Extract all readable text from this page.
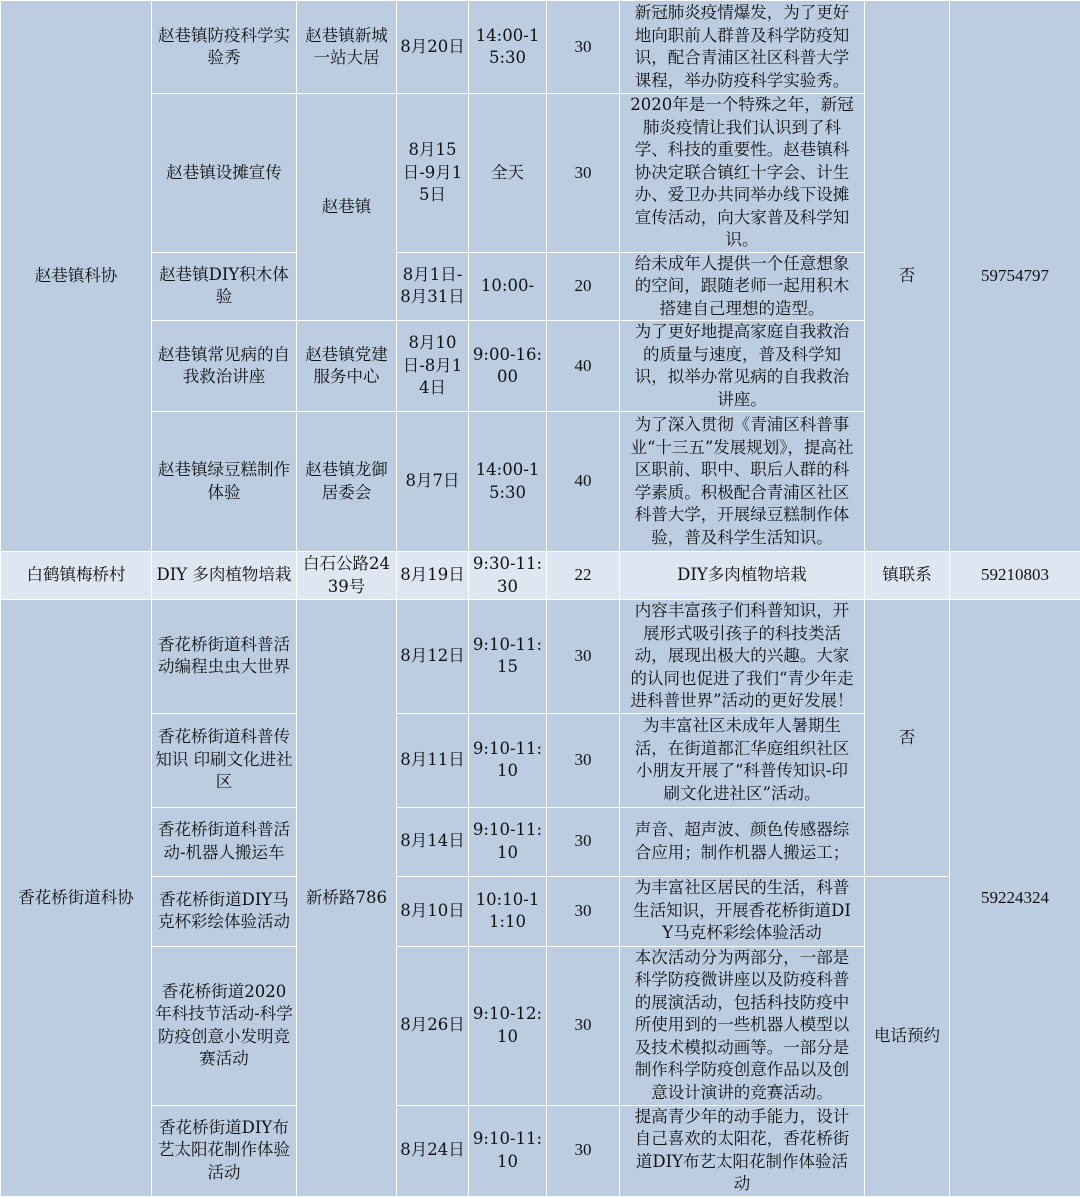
赵巷镇科协	赵巷镇防疫科学实验秀	赵巷镇新城一站大居	8月20日	14:00-15:30	30	新冠肺炎疫情爆发，为了更好地向职前人群普及科学防疫知识，配合青浦区社区科普大学课程，举办防疫科学实验秀。	否	59754797
	赵巷镇设摊宣传	赵巷镇	8月15日-9月15日	全天	30	2020年是一个特殊之年，新冠肺炎疫情让我们认识到了科学、科技的重要性。赵巷镇科协决定联合镇红十字会、计生办、爱卫办共同举办线下设摊宣传活动，向大家普及科学知识。		
	赵巷镇DIY积木体验		8月1日-8月31日	10:00-	20	给未成年人提供一个任意想象的空间，跟随老师一起用积木搭建自己理想的造型。		
	赵巷镇常见病的自我救治讲座	赵巷镇党建服务中心	8月10日-8月14日	9:00-16:00	40	为了更好地提高家庭自我救治的质量与速度，普及科学知识，拟举办常见病的自我救治讲座。		
	赵巷镇绿豆糕制作体验	赵巷镇龙御居委会	8月7日	14:00-15:30	40	为了深入贯彻《青浦区科普事业“十三五”发展规划》，提高社区职前、职中、职后人群的科学素质。积极配合青浦区社区科普大学，开展绿豆糕制作体验，普及科学生活知识。		
白鹤镇梅桥村	DIY 多肉植物培栽	白石公路2439号	8月19日	9:30-11:30	22	DIY多肉植物培栽	镇联系	59210803
香花桥街道科协	香花桥街道科普活动编程虫虫大世界	新桥路786	8月12日	9:10-11:15	30	内容丰富孩子们科普知识，开展形式吸引孩子的科技类活动，展现出极大的兴趣。大家的认同也促进了我们“青少年走进科普世界”活动的更好发展！	否	59224324
	香花桥街道科普传知识 印刷文化进社区		8月11日	9:10-11:10	30	为丰富社区未成年人暑期生活，在街道都汇华庭组织社区小朋友开展了“科普传知识-印刷文化进社区”活动。		
	香花桥街道科普活动-机器人搬运车		8月14日	9:10-11:10	30	声音、超声波、颜色传感器综合应用；制作机器人搬运工；		
	香花桥街道DIY马克杯彩绘体验活动		8月10日	10:10-11:10	30	为丰富社区居民的生活，科普生活知识，开展香花桥街道DIY马克杯彩绘体验活动	电话预约	
	香花桥街道2020年科技节活动-科学防疫创意小发明竞赛活动		8月26日	9:10-12:10	30	本次活动分为两部分，一部是科学防疫微讲座以及防疫科普的展演活动，包括科技防疫中所使用到的一些机器人模型以及技术模拟动画等。一部分是制作科学防疫创意作品以及创意设计演讲的竞赛活动。		
	香花桥街道DIY布艺太阳花制作体验活动		8月24日	9:10-11:10	30	提高青少年的动手能力，设计自己喜欢的太阳花，香花桥街道DIY布艺太阳花制作体验活动		
